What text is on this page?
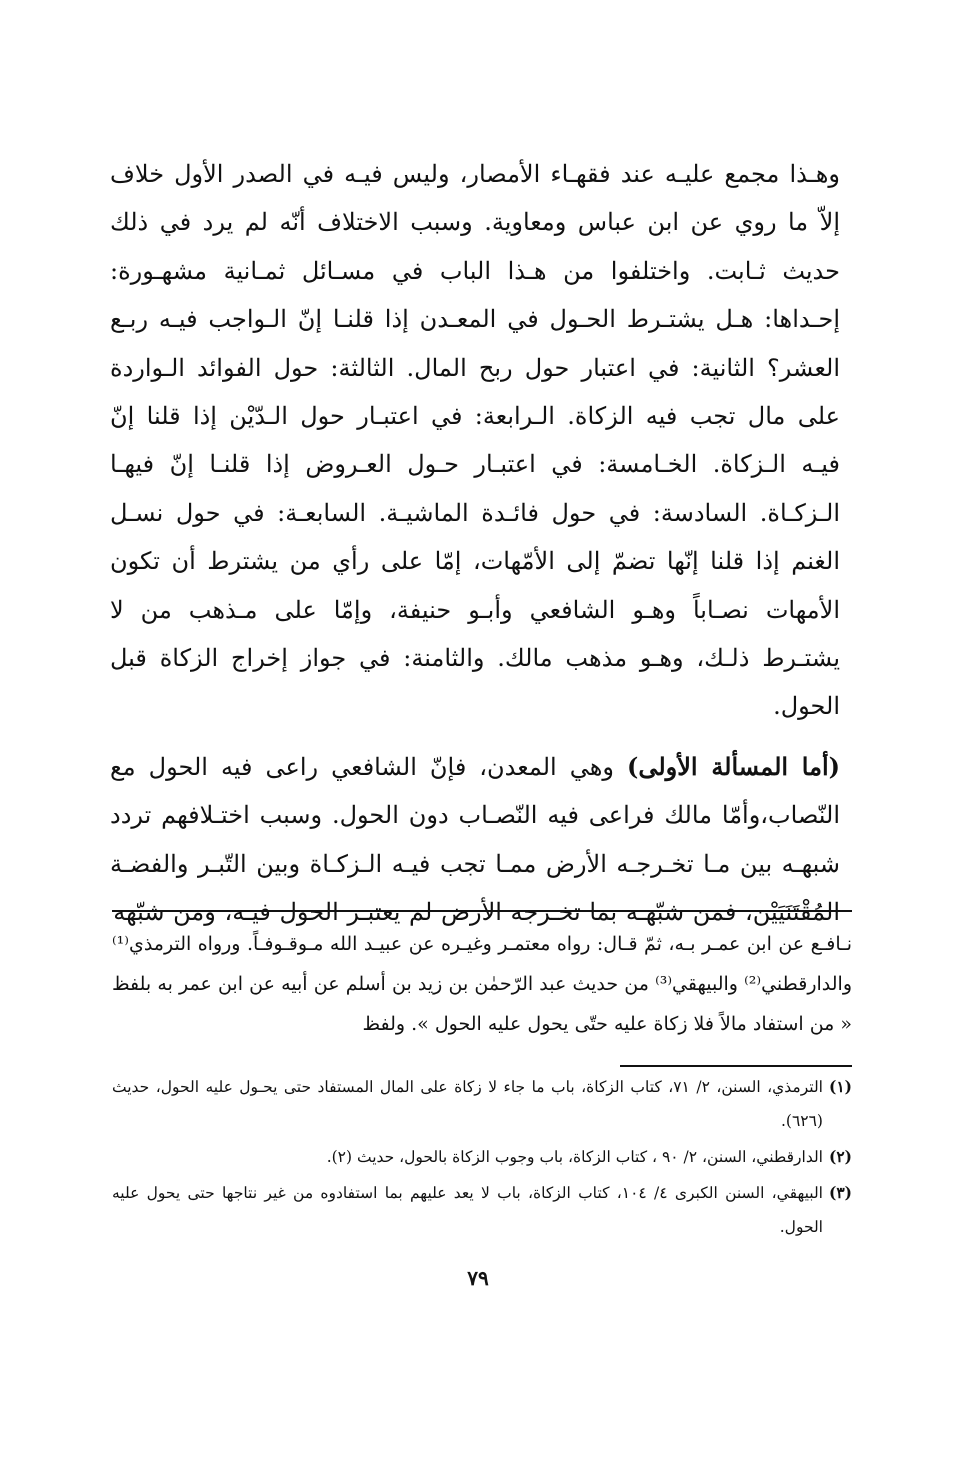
وهـذا مجمع عليـه عند فقهـاء الأمصار، وليس فيـه في الصدر الأول خلاف إلاّ ما روي عن ابن عباس ومعاوية. وسبب الاختلاف أنّه لم يرد في ذلك حديث ثـابت. واختلفوا من هـذا الباب في مسـائل ثمـانية مشهـورة: إحـداها: هـل يشتـرط الحـول في المعـدن إذا قلنـا إنّ الـواجب فيـه ربـع العشر؟ الثانية: في اعتبار حول ربح المال. الثالثة: حول الفوائد الـواردة على مال تجب فيه الزكاة. الـرابعة: في اعتبـار حول الـدّيْن إذا قلنا إنّ فيـه الـزكاة. الخـامسة: في اعتبـار حـول العـروض إذا قلنـا إنّ فيهـا الـزكـاة. السادسة: في حول فائـدة الماشيـة. السابعـة: في حول نسـل الغنم إذا قلنا إنّها تضمّ إلى الأمّهات، إمّا على رأي من يشترط أن تكون الأمهات نصـاباً وهـو الشافعي وأبـو حنيفة، وإمّا على مـذهب من لا يشتـرط ذلـك، وهـو مذهب مالك. والثامنة: في جواز إخراج الزكاة قبل الحول.

(أما المسألة الأولى) وهي المعدن، فإنّ الشافعي راعى فيه الحول مع النّصاب،وأمّا مالك فراعى فيه النّصـاب دون الحول. وسبب اختـلافهم تردد شبهـه بين مـا تخـرجـه الأرض ممـا تجب فيـه الـزكـاة وبين التّبـر والفضـة المُقْتَنَيَيْن، فمن شبّهـه بما تخـرجه الأرض لم يعتبـر الحول فيـه، ومن شبّهه

نـافـع عن ابن عمـر بـه، ثمّ قـال: رواه معتمـر وغيـره عن عبيـد الله مـوقـوفـاً. ورواه الترمذي⁽¹⁾ والدارقطني⁽²⁾ والبيهقي⁽³⁾ من حديث عبد الرّحمٰن بن زيد بن أسلم عن أبيه عن ابن عمر به بلفظ « من استفاد مالاً فلا زكاة عليه حتّى يحول عليه الحول ». ولفظ

(١)
الترمذي، السنن، ٢/ ٧١، كتاب الزكاة، باب ما جاء لا زكاة على المال المستفاد حتى يحـول عليه الحول، حديث (٦٢٦).
(٢)
الدارقطني، السنن، ٢/ ٩٠ ، كتاب الزكاة، باب وجوب الزكاة بالحول، حديث (٢).
(٣)
البيهقي، السنن الكبرى ٤/ ١٠٤، كتاب الزكاة، باب لا يعد عليهم بما استفادوه من غير نتاجها حتى يحول عليه الحول.
٧٩
